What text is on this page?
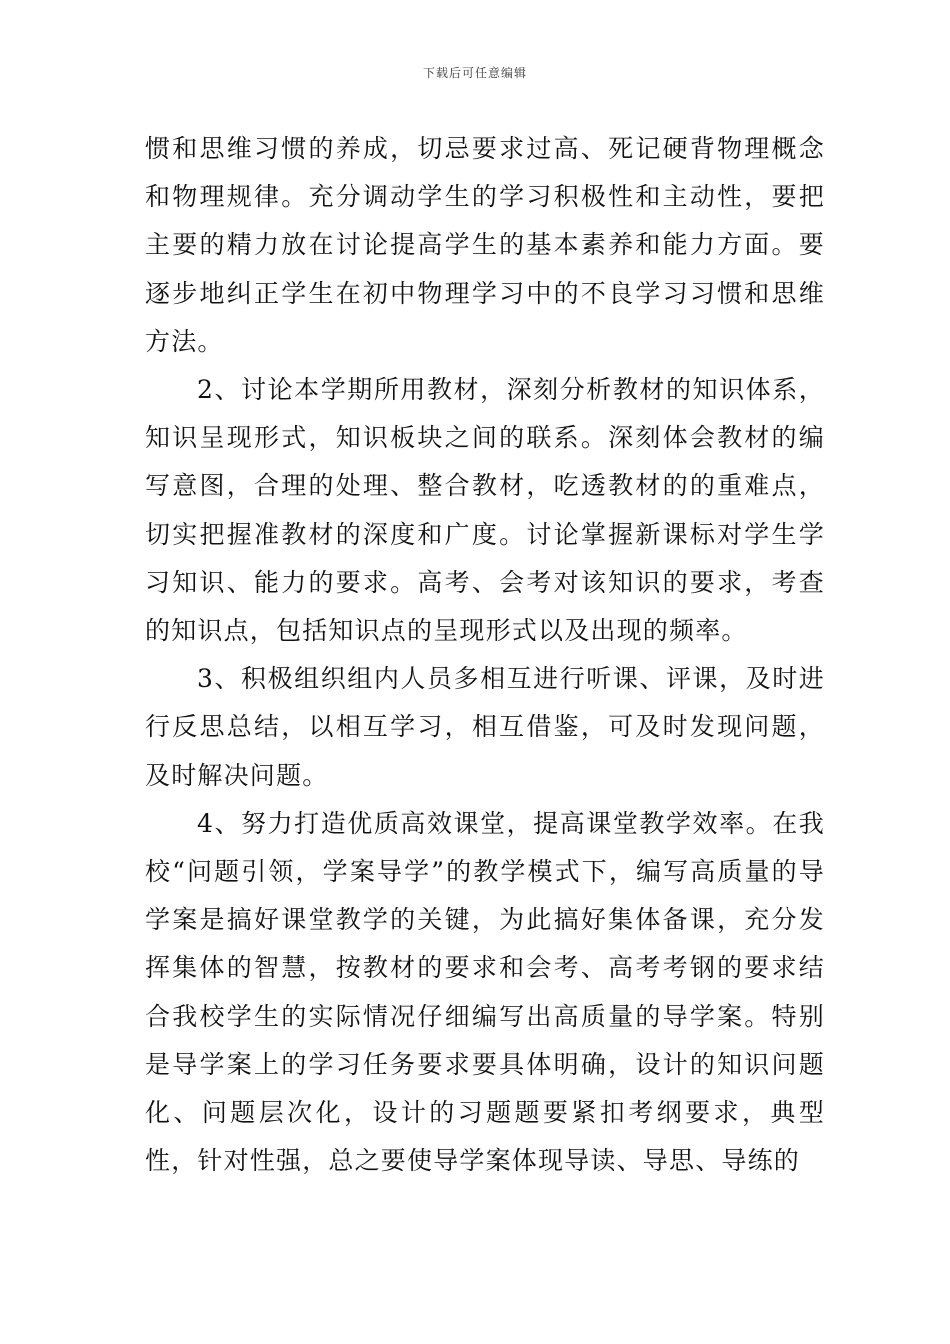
下载后可任意编辑

惯和思维习惯的养成，切忌要求过高、死记硬背物理概念和物理规律。充分调动学生的学习积极性和主动性，要把主要的精力放在讨论提高学生的基本素养和能力方面。要逐步地纠正学生在初中物理学习中的不良学习习惯和思维方法。

2、讨论本学期所用教材，深刻分析教材的知识体系，知识呈现形式，知识板块之间的联系。深刻体会教材的编写意图，合理的处理、整合教材，吃透教材的的重难点，切实把握准教材的深度和广度。讨论掌握新课标对学生学习知识、能力的要求。高考、会考对该知识的要求，考查的知识点，包括知识点的呈现形式以及出现的频率。

3、积极组织组内人员多相互进行听课、评课，及时进行反思总结，以相互学习，相互借鉴，可及时发现问题，及时解决问题。

4、努力打造优质高效课堂，提高课堂教学效率。在我校“问题引领，学案导学”的教学模式下，编写高质量的导学案是搞好课堂教学的关键，为此搞好集体备课，充分发挥集体的智慧，按教材的要求和会考、高考考钢的要求结合我校学生的实际情况仔细编写出高质量的导学案。特别是导学案上的学习任务要求要具体明确，设计的知识问题化、问题层次化，设计的习题题要紧扣考纲要求，典型性，针对性强，总之要使导学案体现导读、导思、导练的
